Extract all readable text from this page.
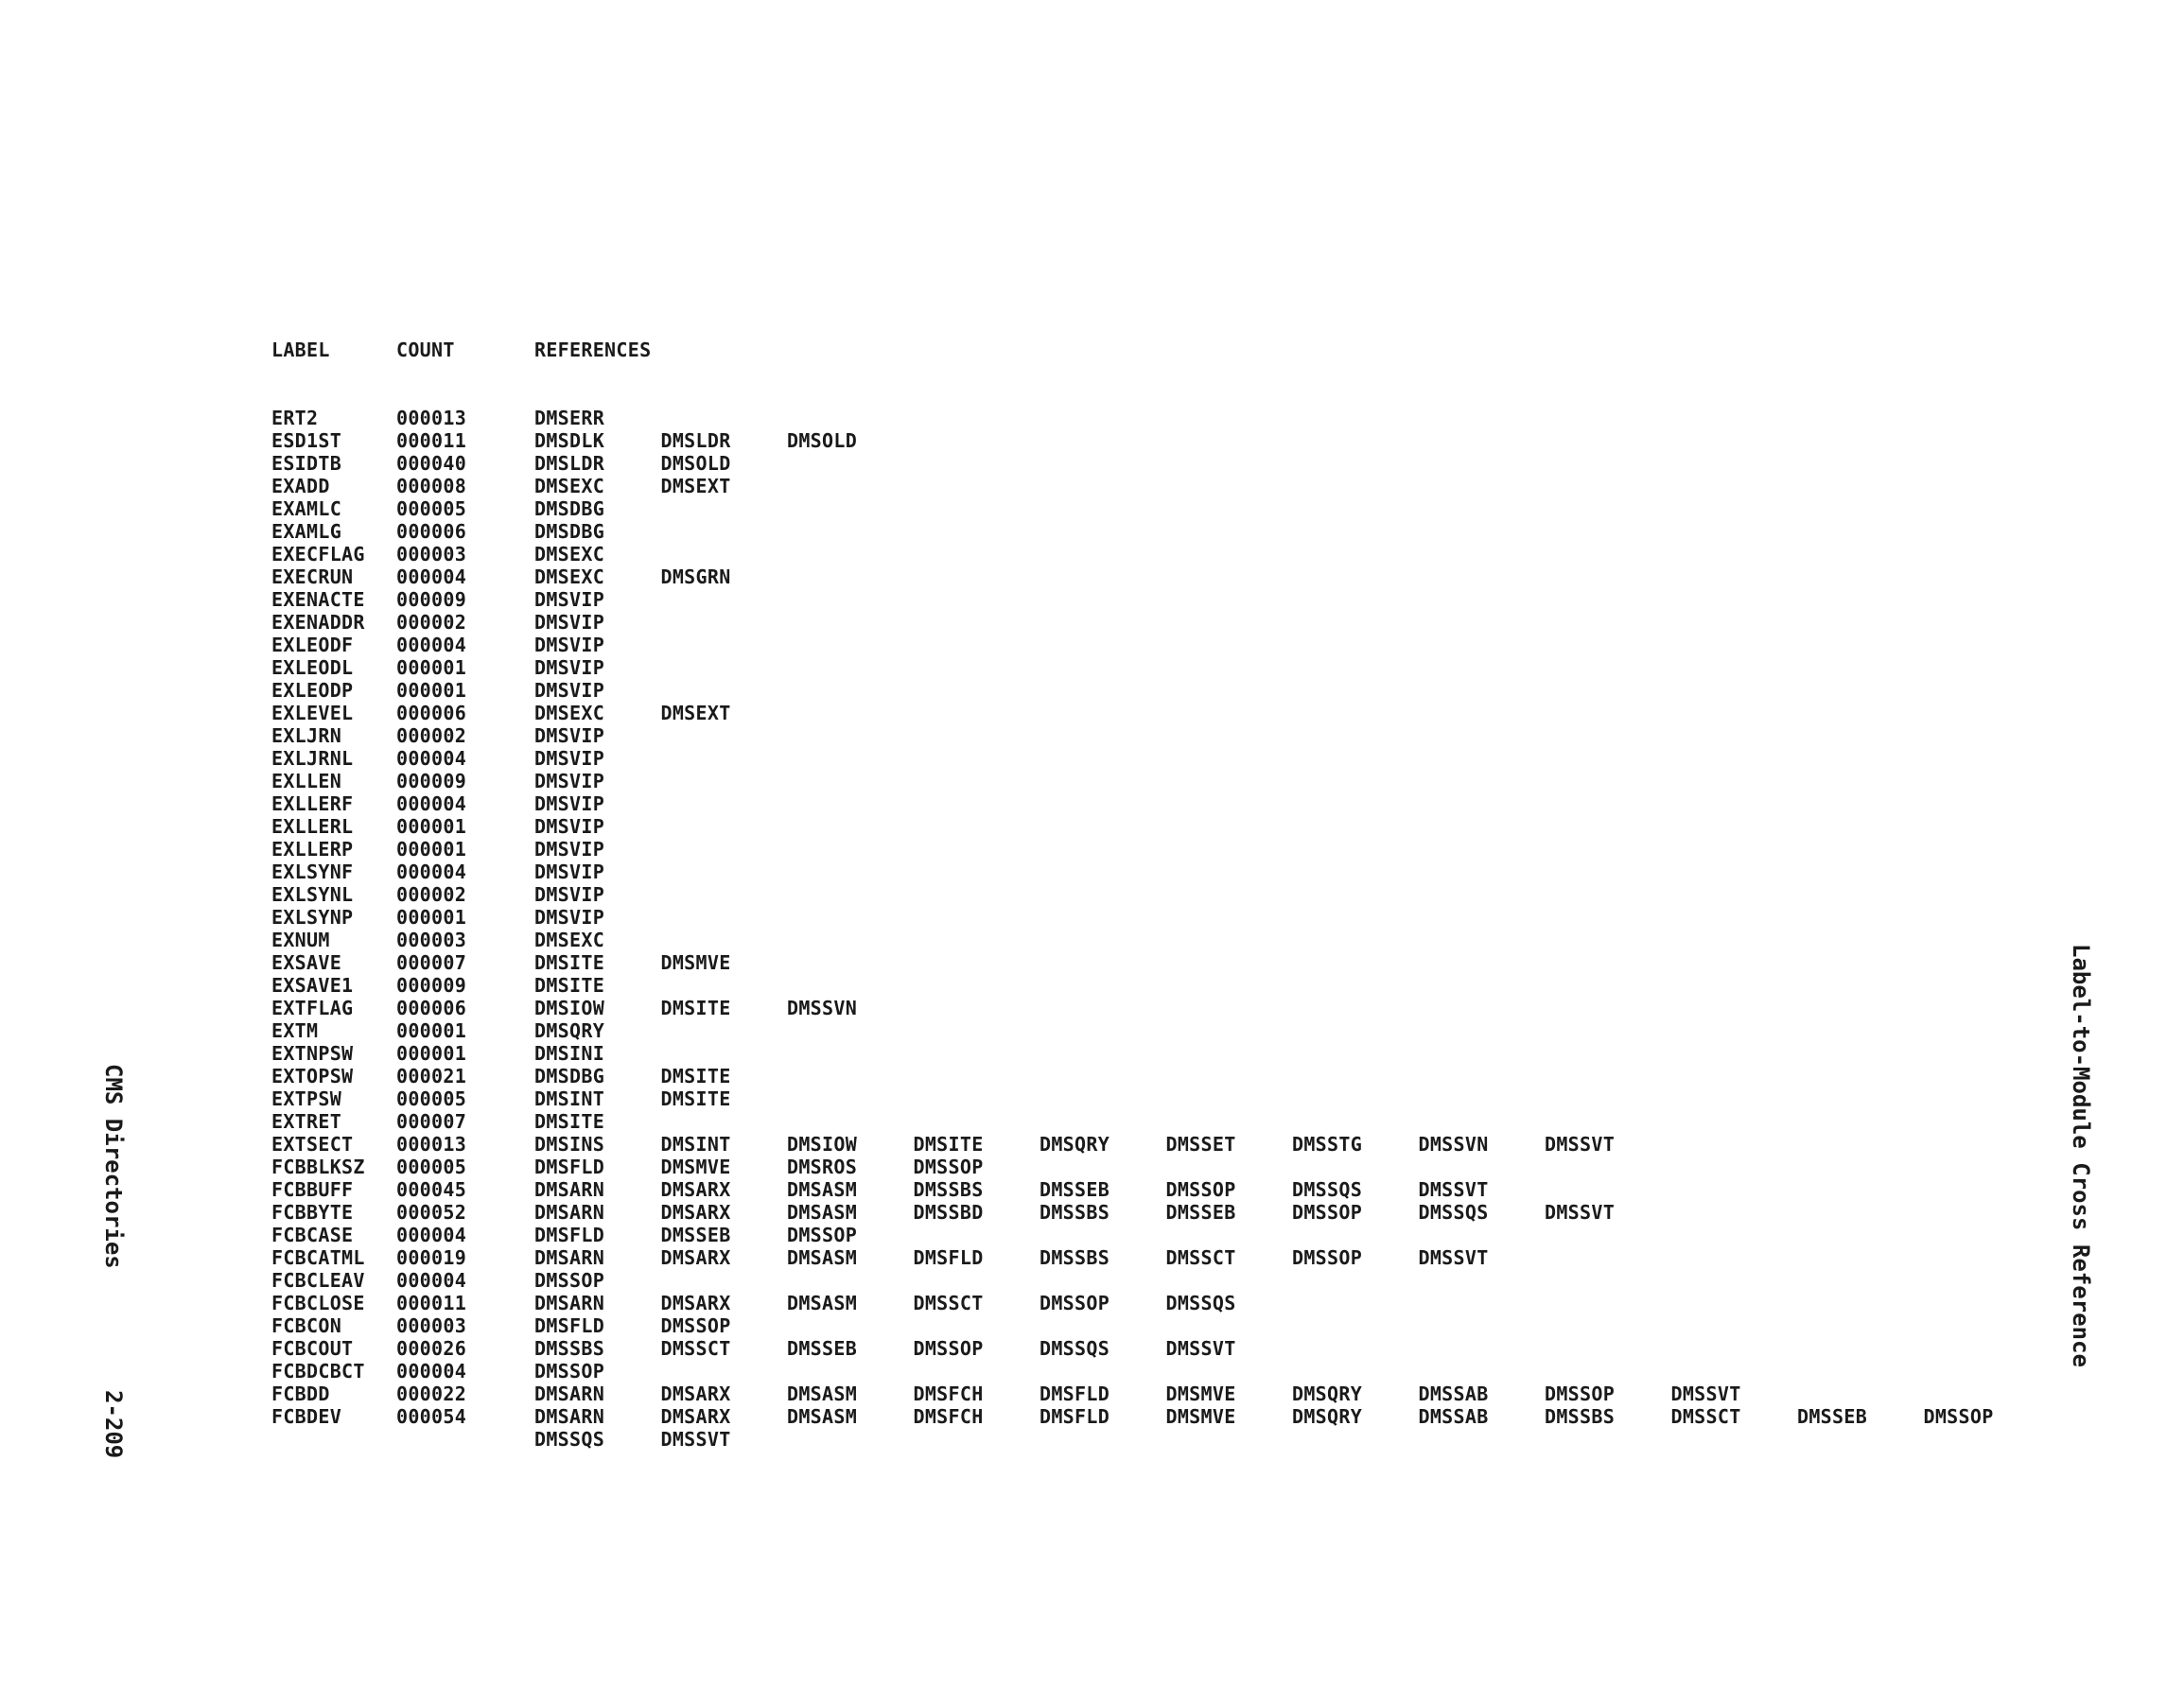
LABEL	COUNT	REFERENCES
ERT2	000013	DMSERR
ESD1ST	000011	DMSDLK	DMSLDR	DMSOLD
ESIDTB	000040	DMSLDR	DMSOLD
EXADD	000008	DMSEXC	DMSEXT
EXAMLC	000005	DMSDBG
EXAMLG	000006	DMSDBG
EXECFLAG 000003	DMSEXC
EXECRUN 000004	DMSEXC	DMSGRN
EXENACTE 000009	DMSVIP
EXENADDR 000002	DMSVIP
EXLEODF 000004	DMSVIP
EXLEODL 000001	DMSVIP
EXLEODP 000001	DMSVIP
EXLEVEL 000006	DMSEXC	DMSEXT
EXLJRN	000002	DMSVIP
EXLJRNL 000004	DMSVIP
EXLLEN	000009	DMSVIP
EXLLERF 000004	DMSVIP
EXLLERL 000001	DMSVIP
EXLLERP 000001	DMSVIP
EXLSYNF 000004	DMSVIP
EXLSYNL 000002	DMSVIP
EXLSYNP 000001	DMSVIP
EXNUM	000003	DMSEXC
EXSAVE	000007	DMSITE	DMSMVE
EXSAVE1 000009	DMSITE
EXTFLAG 000006	DMSIOW	DMSITE	DMSSVN
EXTM	000001	DMSQRY
EXTNPSW 000001	DMSINI
EXTOPSW 000021	DMSDBG	DMSITE
EXTPSW	000005	DMSINT	DMSITE
EXTRET	000007	DMSITE
EXTSECT 000013	DMSINS	DMSINT	DMSIOW	DMSITE	DMSQRY	DMSSET	DMSSTG	DMSSVN	DMSSVT
FCBBLKSZ 000005	DMSFLD	DMSMVE	DMSROS	DMSSOP
FCBBUFF 000045	DMSARN	DMSARX	DMSASM	DMSSBS	DMSSEB	DMSSOP	DMSSQS	DMSSVT
FCBBYTE 000052	DMSARN	DMSARX	DMSASM	DMSSBD	DMSSBS	DMSSEB	DMSSOP	DMSSQS	DMSSVT
FCBCASE 000004	DMSFLD	DMSSEB	DMSSOP
FCBCATML 000019	DMSARN	DMSARX	DMSASM	DMSFLD	DMSSBS	DMSSCT	DMSSOP	DMSSVT
FCBCLEAV 000004	DMSSOP
FCBCLOSE 000011	DMSARN	DMSARX	DMSASM	DMSSCT	DMSSOP	DMSSQS
FCBCON	000003	DMSFLD	DMSSOP
FCBCOUT 000026	DMSSBS	DMSSCT	DMSSEB	DMSSOP	DMSSQS	DMSSVT
FCBDCBCT 000004	DMSSOP
FCBDD	000022	DMSARN	DMSARX	DMSASM	DMSFCH	DMSFLD	DMSMVE	DMSQRY	DMSSAB	DMSSOP	DMSSVT
FCBDEV	000054	DMSARN	DMSARX	DMSASM	DMSFCH	DMSFLD	DMSMVE	DMSQRY	DMSSAB	DMSSBS	DMSSCT	DMSSEB	DMSSOP
DMSSQS	DMSSVT
CMS Directories
2-209
Label-to-Module Cross Reference
